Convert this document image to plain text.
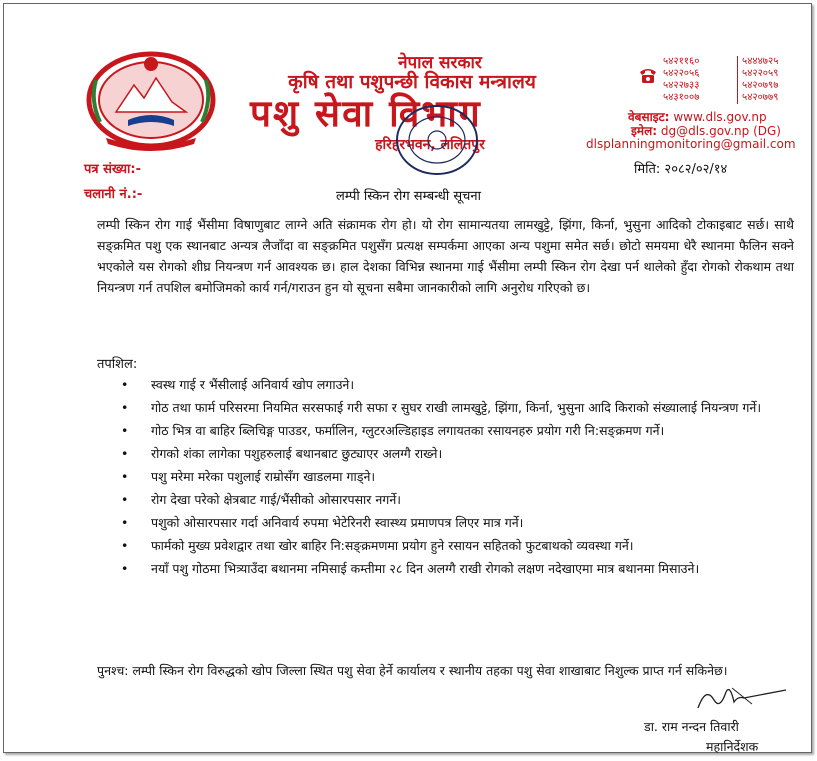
नेपाल सरकार
कृषि तथा पशुपन्छी विकास मन्त्रालय
पशु सेवा विभाग
हरिहरभवन, ललितपुर
५४२११६०
५४२२०५६
५४२२७३३
५४३१००७
५४४४७२५
५४२२०५९
५४२०७९७
५४२०७७९
वेबसाइट: www.dls.gov.np
इमेल: dg@dls.gov.np (DG)
dlsplanningmonitoring@gmail.com
पत्र संख्या:-
चलानी नं.:-
मिति: २०८२/०२/१४
लम्पी स्किन रोग सम्बन्धी सूचना
लम्पी स्किन रोग गाई भैंसीमा विषाणुबाट लाग्ने अति संक्रामक रोग हो। यो रोग सामान्यतया लामखुट्टे, झिंगा, किर्ना, भुसुना आदिको टोकाइबाट सर्छ। साथै सङ्क्रमित पशु एक स्थानबाट अन्यत्र लैजाँदा वा सङ्क्रमित पशुसँग प्रत्यक्ष सम्पर्कमा आएका अन्य पशुमा समेत सर्छ। छोटो समयमा धेरै स्थानमा फैलिन सक्ने भएकोले यस रोगको शीघ्र नियन्त्रण गर्न आवश्यक छ। हाल देशका विभिन्न स्थानमा गाई भैंसीमा लम्पी स्किन रोग देखा पर्न थालेको हुँदा रोगको रोकथाम तथा नियन्त्रण गर्न तपशिल बमोजिमको कार्य गर्न/गराउन हुन यो सूचना सबैमा जानकारीको लागि अनुरोध गरिएको छ।
तपशिल:
• स्वस्थ गाई र भैंसीलाई अनिवार्य खोप लगाउने।
• गोठ तथा फार्म परिसरमा नियमित सरसफाई गरी सफा र सुघर राखी लामखुट्टे, झिंगा, किर्ना, भुसुना आदि किराको संख्यालाई नियन्त्रण गर्ने।
• गोठ भित्र वा बाहिर ब्लिचिङ्ग पाउडर, फर्मालिन, ग्लुटरअल्डिहाइड लगायतका रसायनहरु प्रयोग गरी नि:सङ्क्रमण गर्ने।
• रोगको शंका लागेका पशुहरुलाई बथानबाट छुट्याएर अलग्गै राख्ने।
• पशु मरेमा मरेका पशुलाई राम्रोसँग खाडलमा गाड्ने।
• रोग देखा परेको क्षेत्रबाट गाई/भैंसीको ओसारपसार नगर्ने।
• पशुको ओसारपसार गर्दा अनिवार्य रुपमा भेटेरिनरी स्वास्थ्य प्रमाणपत्र लिएर मात्र गर्ने।
• फार्मको मुख्य प्रवेशद्वार तथा खोर बाहिर नि:सङ्क्रमणमा प्रयोग हुने रसायन सहितको फुटबाथको व्यवस्था गर्ने।
• नयाँ पशु गोठमा भित्र्याउँदा बथानमा नमिसाई कम्तीमा २८ दिन अलग्गै राखी रोगको लक्षण नदेखाएमा मात्र बथानमा मिसाउने।
पुनश्च: लम्पी स्किन रोग विरुद्धको खोप जिल्ला स्थित पशु सेवा हेर्ने कार्यालय र स्थानीय तहका पशु सेवा शाखाबाट निशुल्क प्राप्त गर्न सकिनेछ।
डा. राम नन्दन तिवारी
महानिर्देशक
